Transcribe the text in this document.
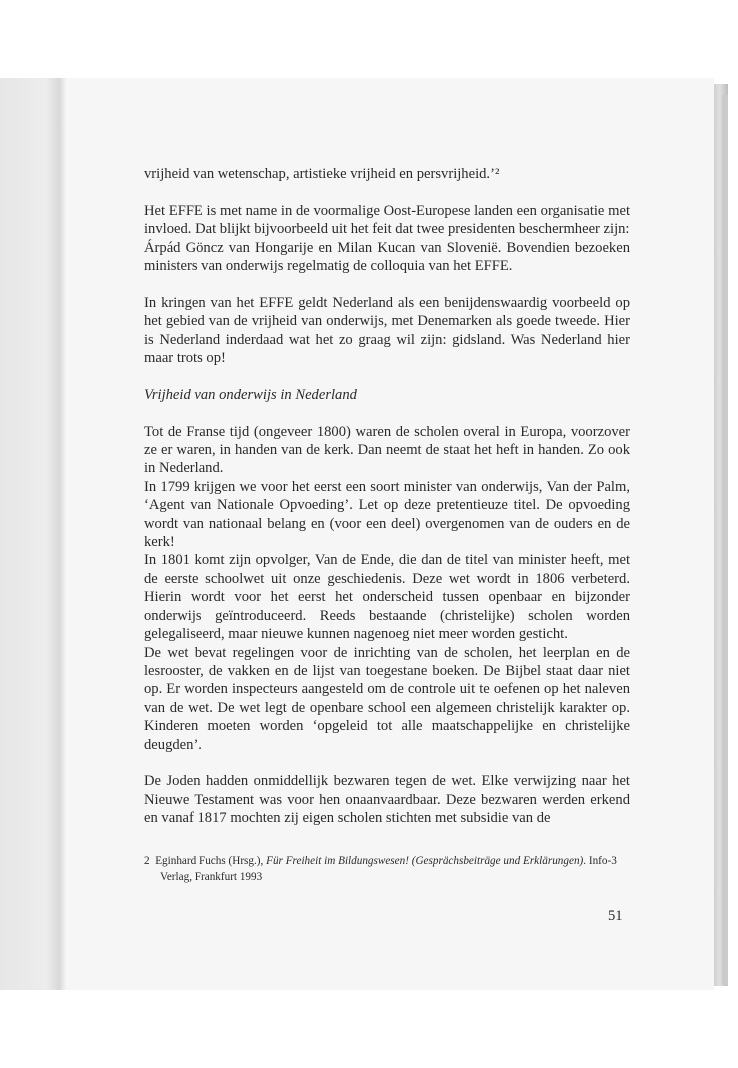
vrijheid van wetenschap, artistieke vrijheid en persvrijheid.’²

Het EFFE is met name in de voormalige Oost-Europese landen een organisatie met invloed. Dat blijkt bijvoorbeeld uit het feit dat twee presidenten beschermheer zijn:

Árpád Göncz van Hongarije en Milan Kucan van Slovenië. Bovendien bezoeken ministers van onderwijs regelmatig de colloquia van het EFFE.

In kringen van het EFFE geldt Nederland als een benijdenswaardig voorbeeld op het gebied van de vrijheid van onderwijs, met Denemarken als goede tweede. Hier is Nederland inderdaad wat het zo graag wil zijn: gidsland. Was Nederland hier maar trots op!

Vrijheid van onderwijs in Nederland

Tot de Franse tijd (ongeveer 1800) waren de scholen overal in Europa, voorzover ze er waren, in handen van de kerk. Dan neemt de staat het heft in handen. Zo ook in Nederland.

In 1799 krijgen we voor het eerst een soort minister van onderwijs, Van der Palm, ‘Agent van Nationale Opvoeding’. Let op deze pretentieuze titel. De opvoeding wordt van nationaal belang en (voor een deel) overgenomen van de ouders en de kerk!

In 1801 komt zijn opvolger, Van de Ende, die dan de titel van minister heeft, met de eerste schoolwet uit onze geschiedenis. Deze wet wordt in 1806 verbeterd. Hierin wordt voor het eerst het onderscheid tussen openbaar en bijzonder onderwijs geïntroduceerd. Reeds bestaande (christelijke) scholen worden gelegaliseerd, maar nieuwe kunnen nagenoeg niet meer worden gesticht.

De wet bevat regelingen voor de inrichting van de scholen, het leerplan en de lesrooster, de vakken en de lijst van toegestane boeken. De Bijbel staat daar niet op. Er worden inspecteurs aangesteld om de controle uit te oefenen op het naleven van de wet. De wet legt de openbare school een algemeen christelijk karakter op. Kinderen moeten worden ‘opgeleid tot alle maatschappelijke en christelijke deugden’.

De Joden hadden onmiddellijk bezwaren tegen de wet. Elke verwijzing naar het Nieuwe Testament was voor hen onaanvaardbaar. Deze bezwaren werden erkend en vanaf 1817 mochten zij eigen scholen stichten met subsidie van de

2 Eginhard Fuchs (Hrsg.), Für Freiheit im Bildungswesen! (Gesprächsbeiträge und Erklärungen). Info-3 Verlag, Frankfurt 1993
51
